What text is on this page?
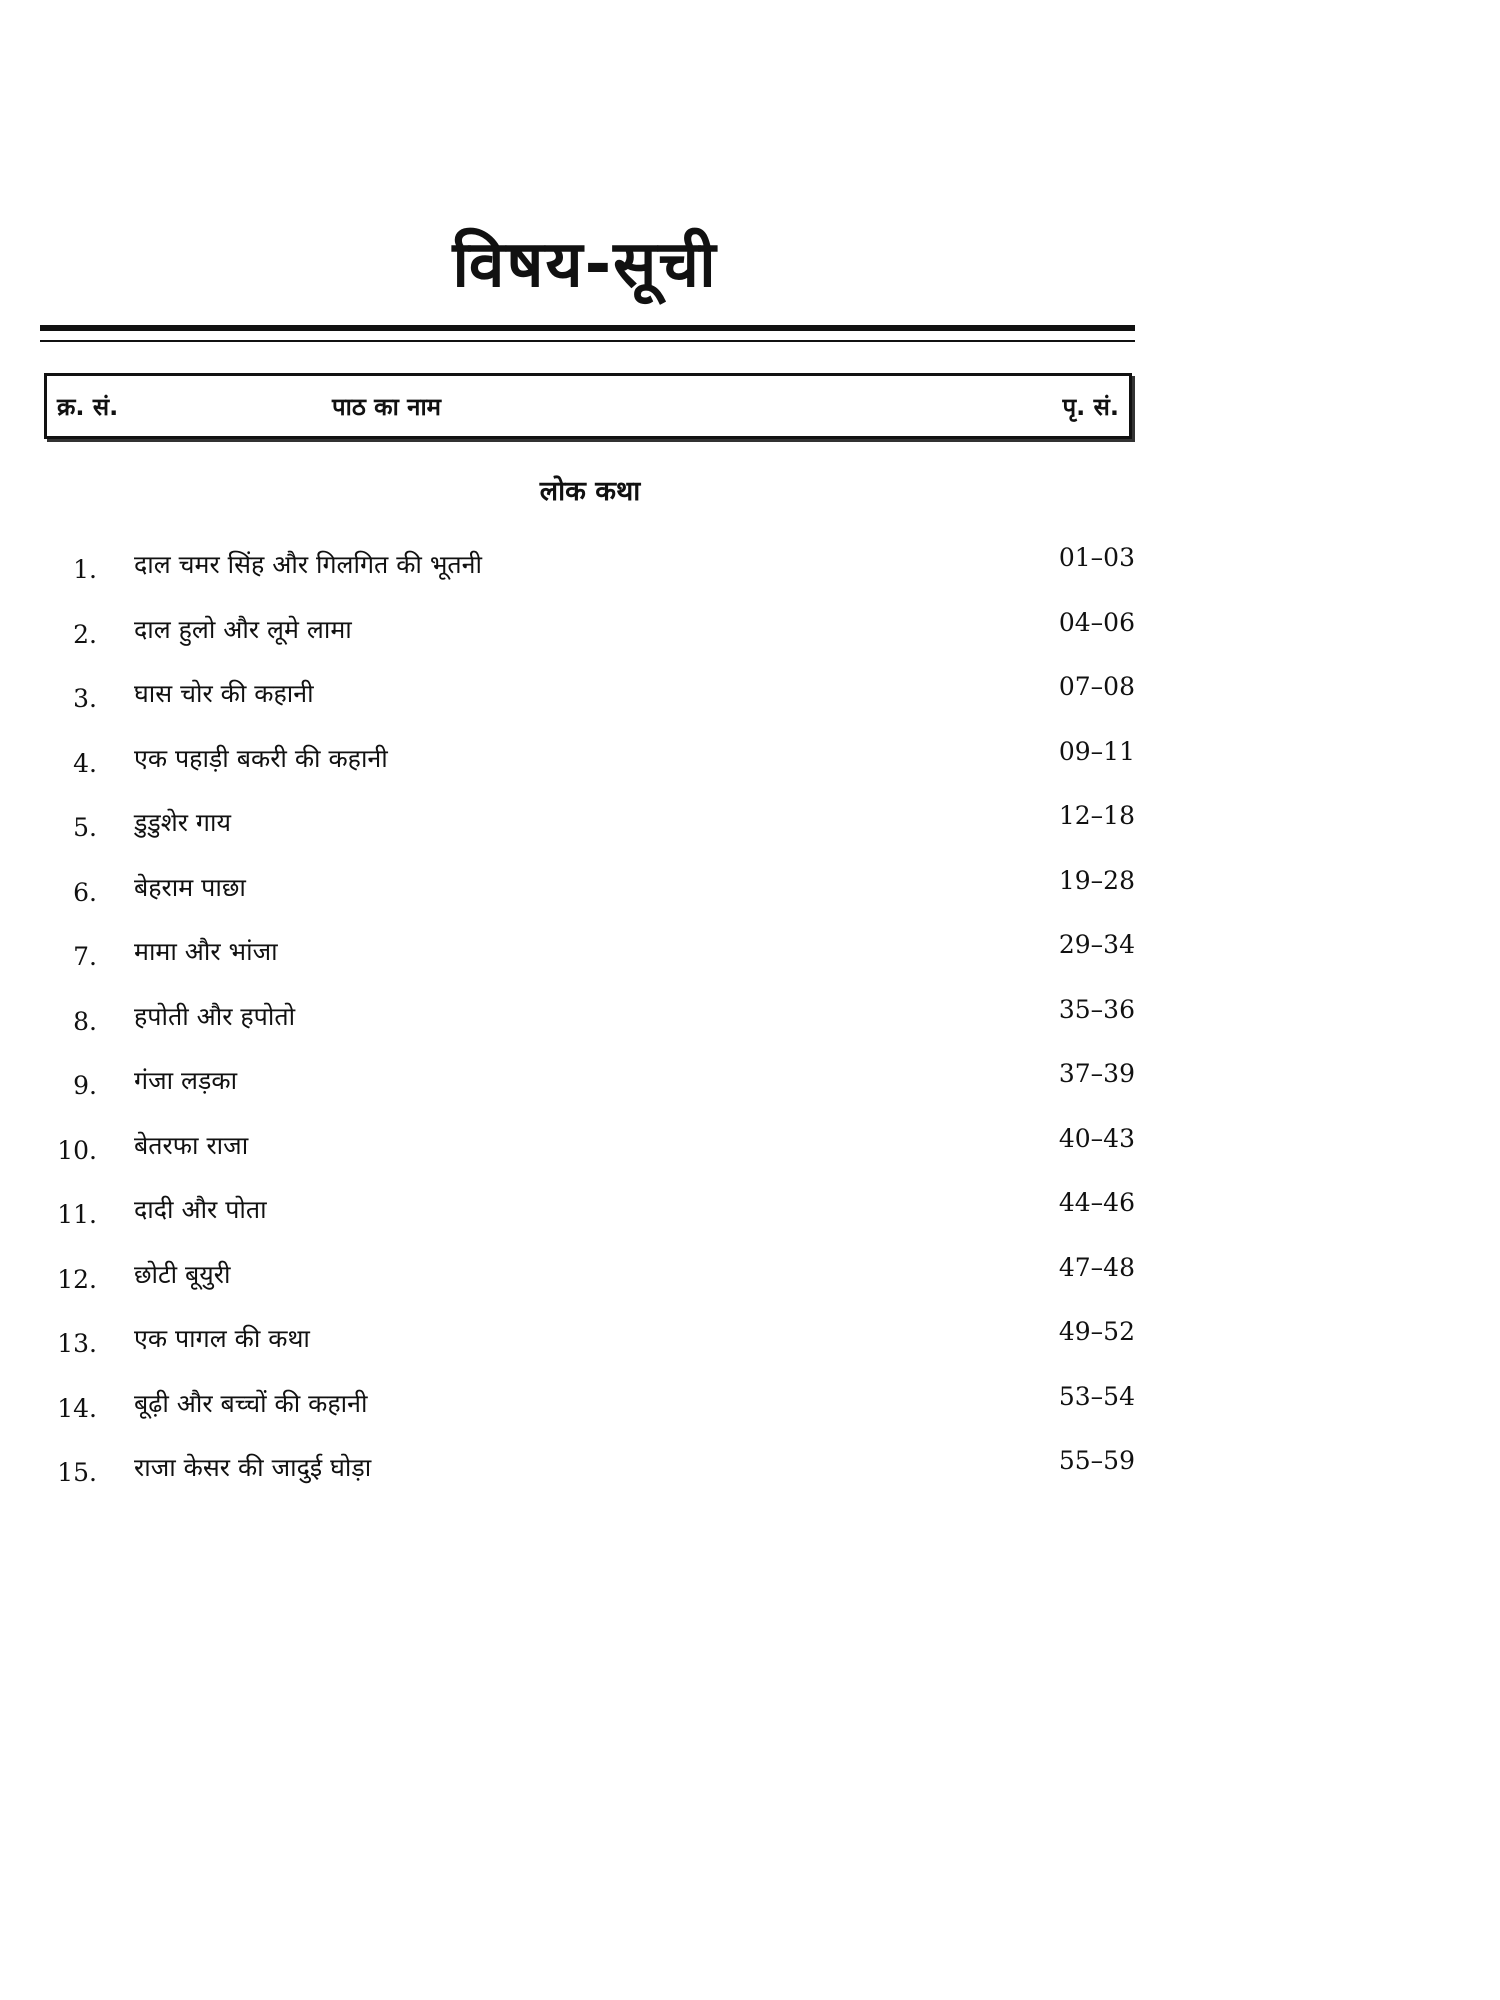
विषय-सूची
क्र. सं.	पाठ का नाम	पृ. सं.
लोक कथा
1. दाल चमर सिंह और गिलगित की भूतनी	01–03
2. दाल हुलो और लूमे लामा	04–06
3. घास चोर की कहानी	07–08
4. एक पहाड़ी बकरी की कहानी	09–11
5. डुडुशेर गाय	12–18
6. बेहराम पाछा	19–28
7. मामा और भांजा	29–34
8. हपोती और हपोतो	35–36
9. गंजा लड़का	37–39
10. बेतरफा राजा	40–43
11. दादी और पोता	44–46
12. छोटी बूयुरी	47–48
13. एक पागल की कथा	49–52
14. बूढ़ी और बच्चों की कहानी	53–54
15. राजा केसर की जादुई घोड़ा	55–59
